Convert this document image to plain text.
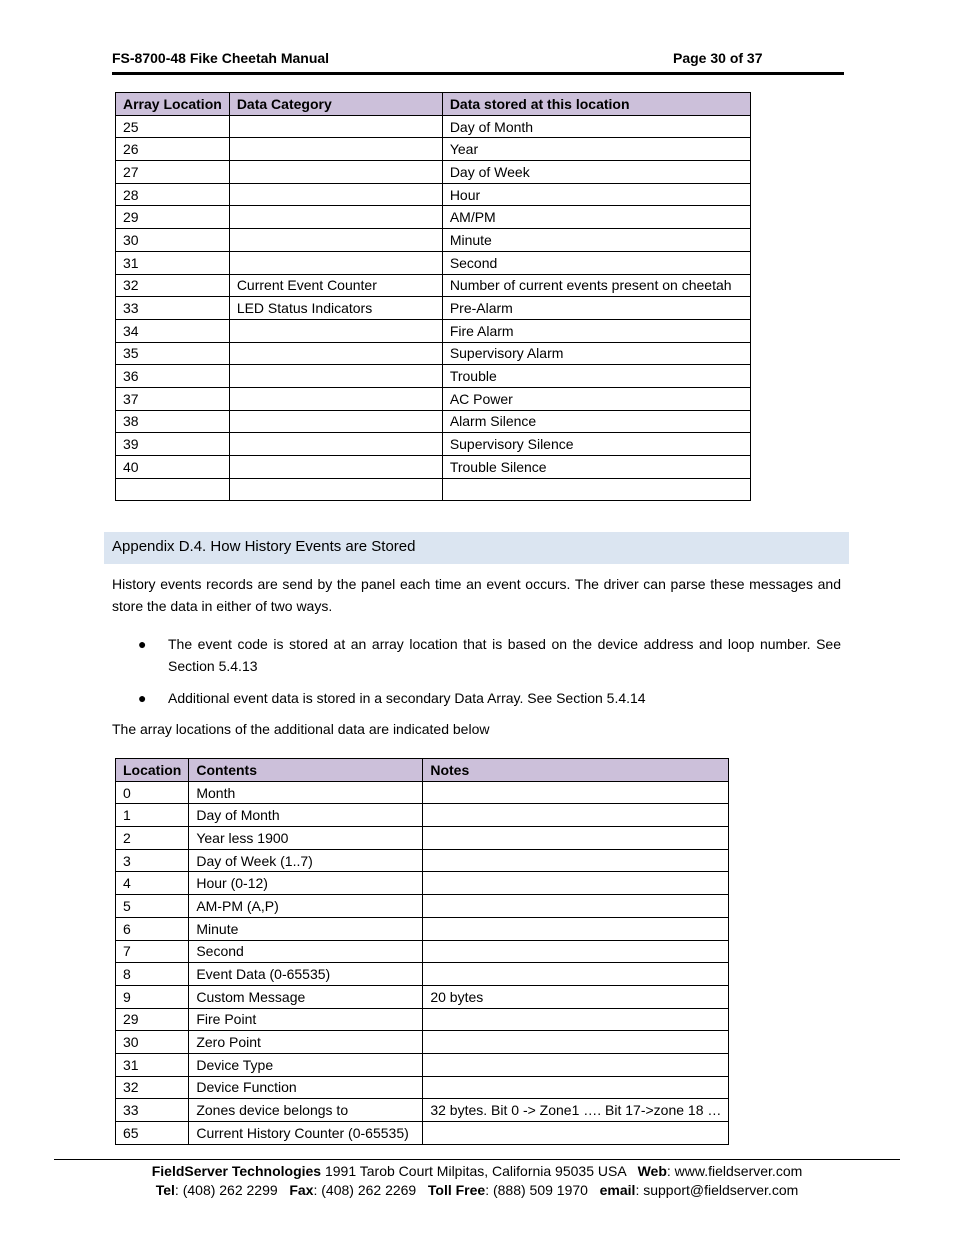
FS-8700-48 Fike Cheetah Manual	Page 30 of 37
Array Location	Data Category	Data stored at this location
25		Day of Month
26		Year
27		Day of Week
28		Hour
29		AM/PM
30		Minute
31		Second
32	Current Event Counter	Number of current events present on cheetah
33	LED Status Indicators	Pre-Alarm
34		Fire Alarm
35		Supervisory Alarm
36		Trouble
37		AC Power
38		Alarm Silence
39		Supervisory Silence
40		Trouble Silence

Appendix D.4. How History Events are Stored
History events records are send by the panel each time an event occurs. The driver can parse these messages and store the data in either of two ways.
● The event code is stored at an array location that is based on the device address and loop number. See Section 5.4.13
● Additional event data is stored in a secondary Data Array. See Section 5.4.14
The array locations of the additional data are indicated below
Location	Contents	Notes
0	Month	
1	Day of Month	
2	Year less 1900	
3	Day of Week (1..7)	
4	Hour (0-12)	
5	AM-PM (A,P)	
6	Minute	
7	Second	
8	Event Data (0-65535)	
9	Custom Message	20 bytes
29	Fire Point	
30	Zero Point	
31	Device Type	
32	Device Function	
33	Zones device belongs to	32 bytes. Bit 0 -> Zone1 …. Bit 17->zone 18 …
65	Current History Counter (0-65535)	
FieldServer Technologies 1991 Tarob Court Milpitas, California 95035 USA Web: www.fieldserver.com
Tel: (408) 262 2299 Fax: (408) 262 2269 Toll Free: (888) 509 1970 email: support@fieldserver.com
